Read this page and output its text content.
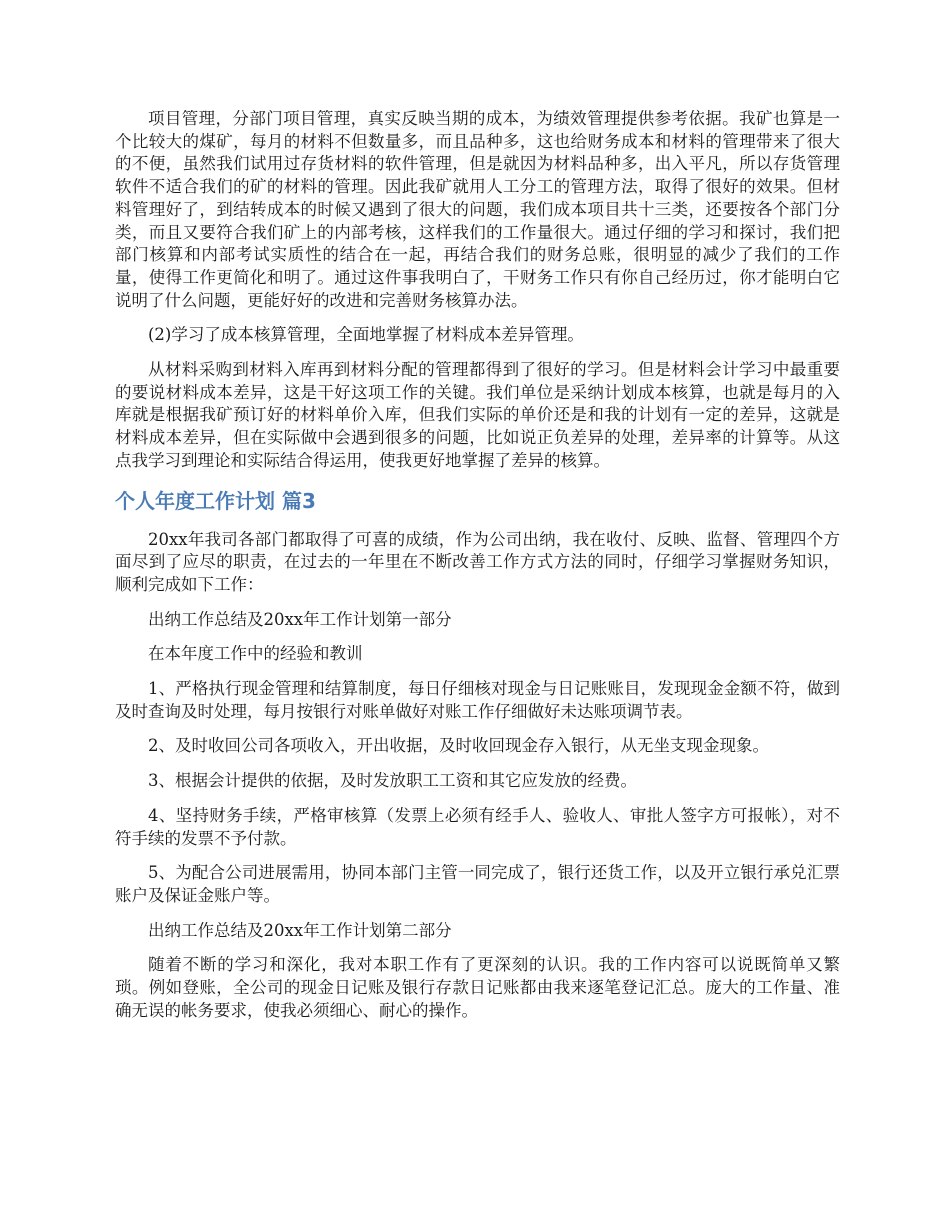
项目管理，分部门项目管理，真实反映当期的成本，为绩效管理提供参考依据。我矿也算是一个比较大的煤矿，每月的材料不但数量多，而且品种多，这也给财务成本和材料的管理带来了很大的不便，虽然我们试用过存货材料的软件管理，但是就因为材料品种多，出入平凡，所以存货管理软件不适合我们的矿的材料的管理。因此我矿就用人工分工的管理方法，取得了很好的效果。但材料管理好了，到结转成本的时候又遇到了很大的问题，我们成本项目共十三类，还要按各个部门分类，而且又要符合我们矿上的内部考核，这样我们的工作量很大。通过仔细的学习和探讨，我们把部门核算和内部考试实质性的结合在一起，再结合我们的财务总账，很明显的减少了我们的工作量，使得工作更简化和明了。通过这件事我明白了，干财务工作只有你自己经历过，你才能明白它说明了什么问题，更能好好的改进和完善财务核算办法。

(2)学习了成本核算管理，全面地掌握了材料成本差异管理。

从材料采购到材料入库再到材料分配的管理都得到了很好的学习。但是材料会计学习中最重要的要说材料成本差异，这是干好这项工作的关键。我们单位是采纳计划成本核算，也就是每月的入库就是根据我矿预订好的材料单价入库，但我们实际的单价还是和我的计划有一定的差异，这就是材料成本差异，但在实际做中会遇到很多的问题，比如说正负差异的处理，差异率的计算等。从这点我学习到理论和实际结合得运用，使我更好地掌握了差异的核算。

个人年度工作计划 篇3

20xx年我司各部门都取得了可喜的成绩，作为公司出纳，我在收付、反映、监督、管理四个方面尽到了应尽的职责，在过去的一年里在不断改善工作方式方法的同时，仔细学习掌握财务知识，顺利完成如下工作：

出纳工作总结及20xx年工作计划第一部分

在本年度工作中的经验和教训

1、严格执行现金管理和结算制度，每日仔细核对现金与日记账账目，发现现金金额不符，做到及时查询及时处理，每月按银行对账单做好对账工作仔细做好未达账项调节表。

2、及时收回公司各项收入，开出收据，及时收回现金存入银行，从无坐支现金现象。

3、根据会计提供的依据，及时发放职工工资和其它应发放的经费。

4、坚持财务手续，严格审核算（发票上必须有经手人、验收人、审批人签字方可报帐），对不符手续的发票不予付款。

5、为配合公司进展需用，协同本部门主管一同完成了，银行还货工作，以及开立银行承兑汇票账户及保证金账户等。

出纳工作总结及20xx年工作计划第二部分

随着不断的学习和深化，我对本职工作有了更深刻的认识。我的工作内容可以说既简单又繁琐。例如登账，全公司的现金日记账及银行存款日记账都由我来逐笔登记汇总。庞大的工作量、准确无误的帐务要求，使我必须细心、耐心的操作。
